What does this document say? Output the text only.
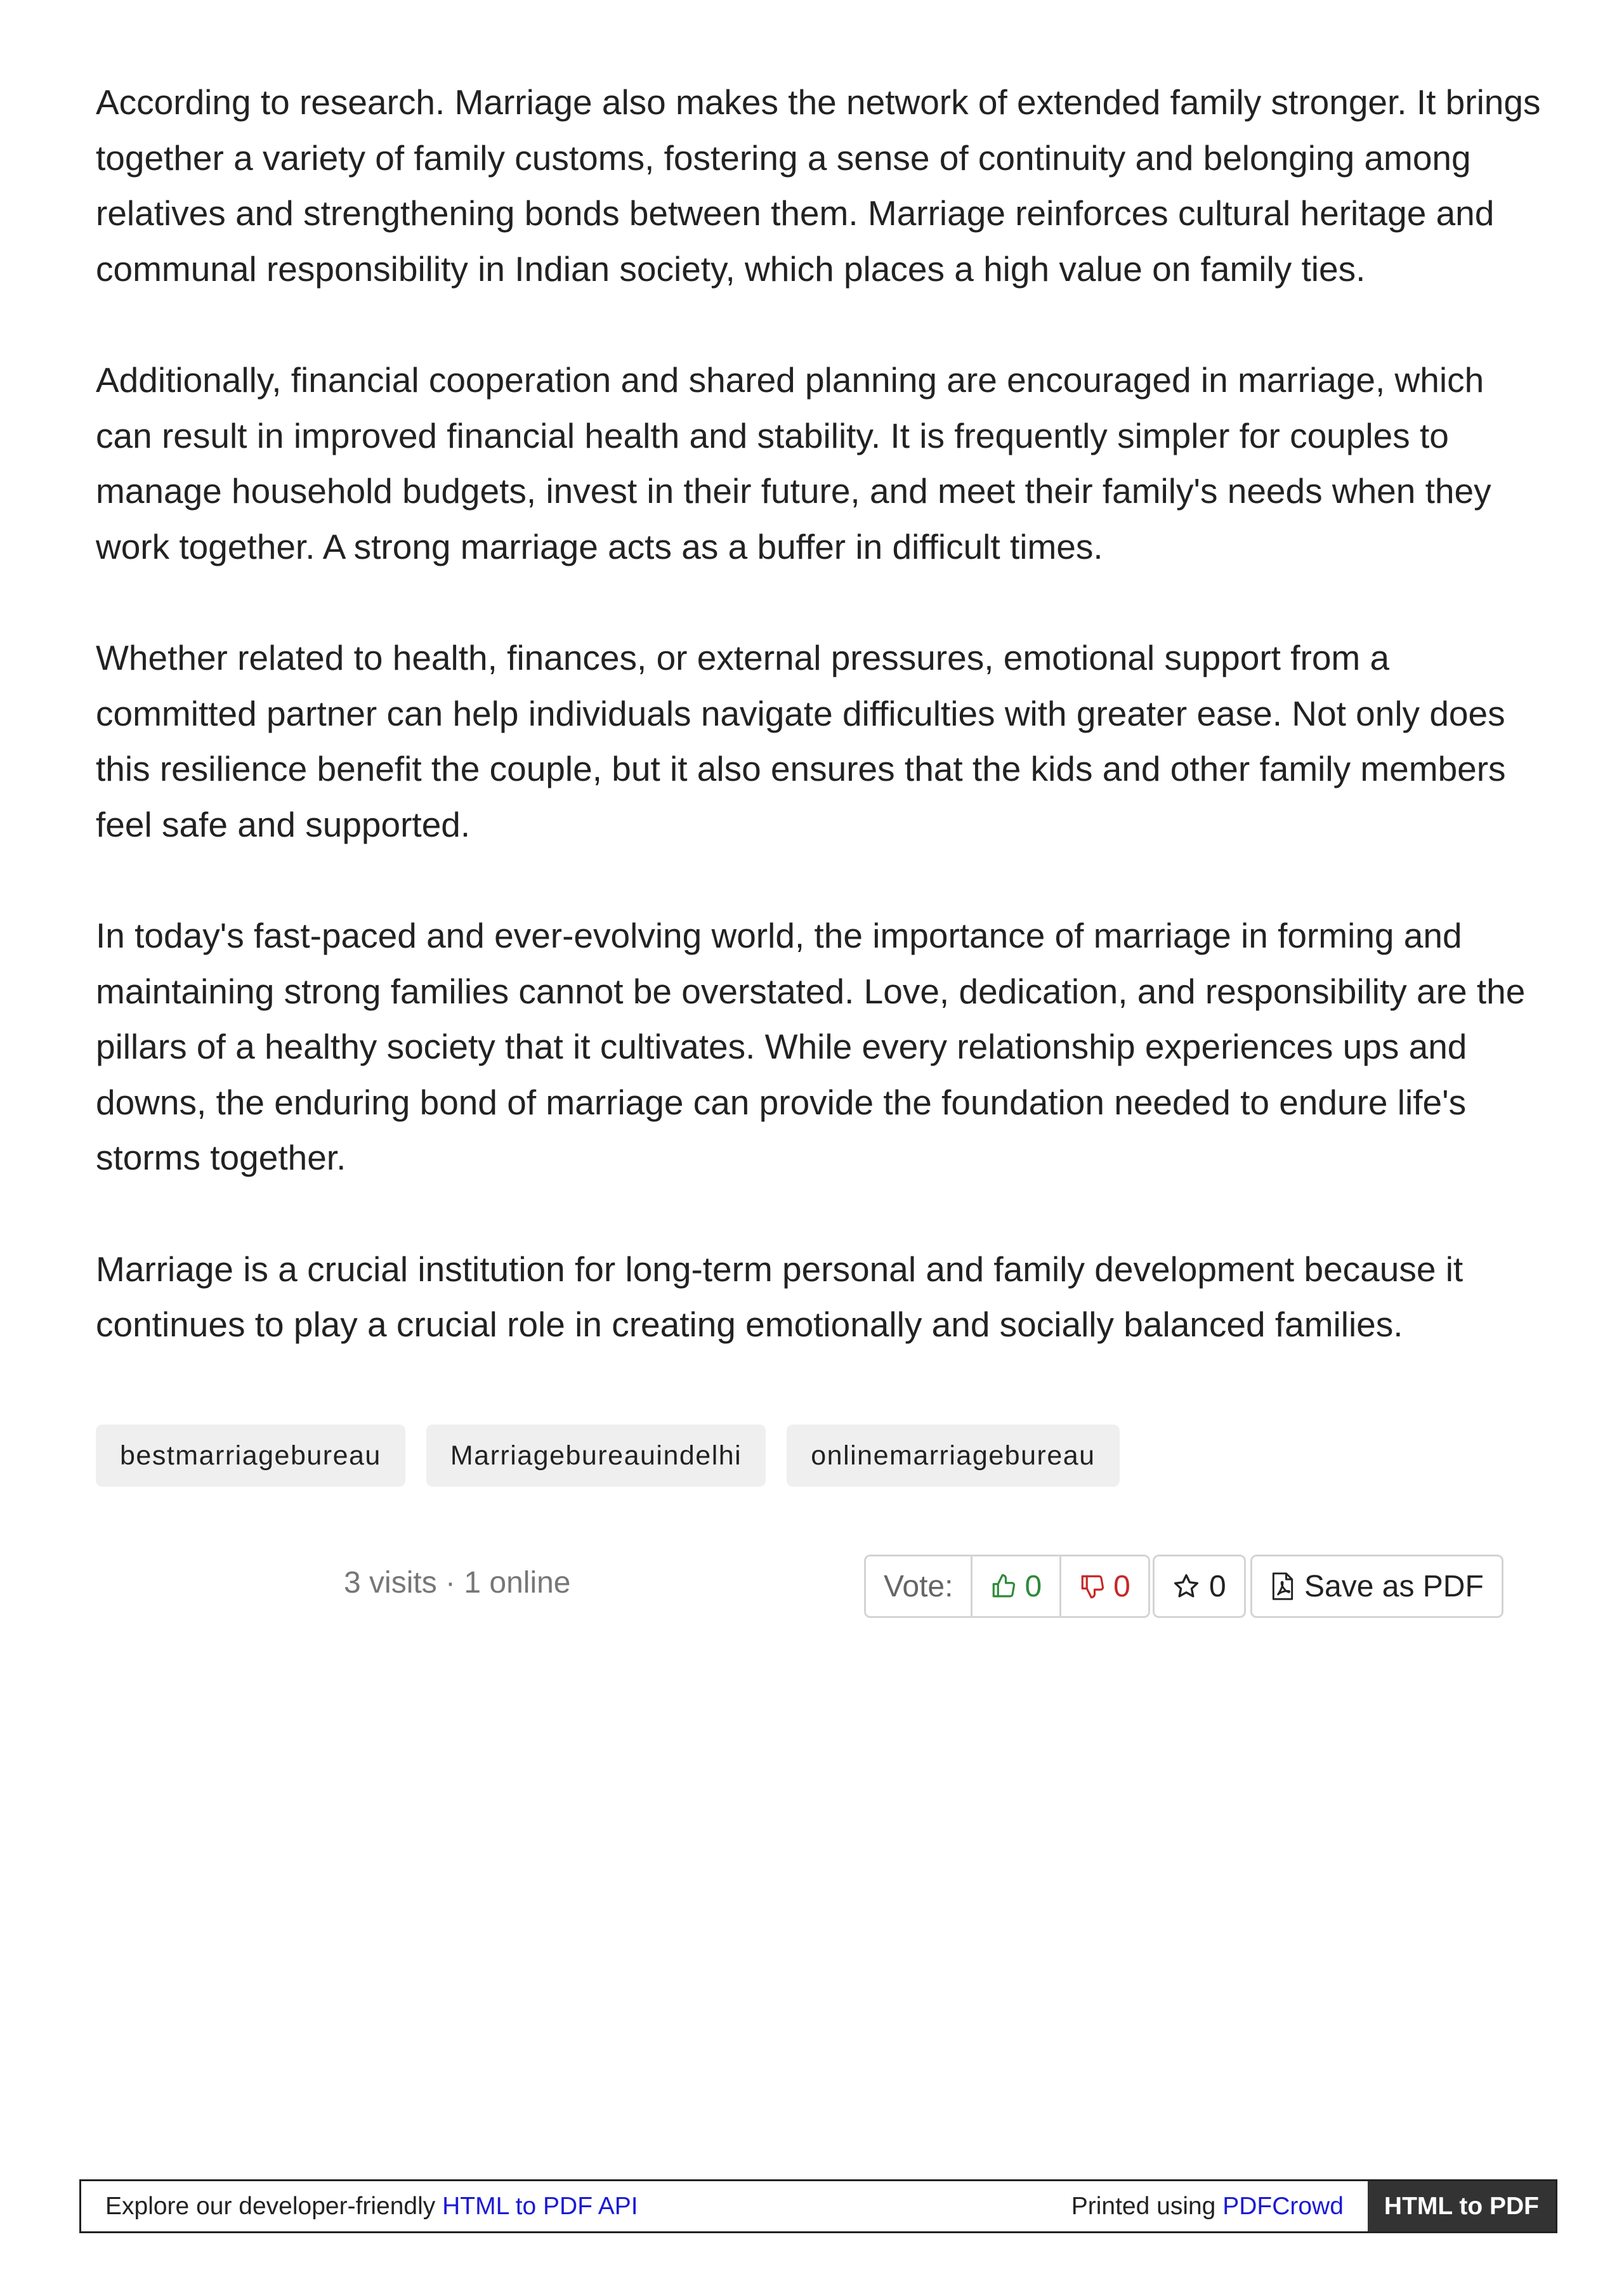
According to research. Marriage also makes the network of extended family stronger. It brings together a variety of family customs, fostering a sense of continuity and belonging among relatives and strengthening bonds between them. Marriage reinforces cultural heritage and communal responsibility in Indian society, which places a high value on family ties.

Additionally, financial cooperation and shared planning are encouraged in marriage, which can result in improved financial health and stability. It is frequently simpler for couples to manage household budgets, invest in their future, and meet their family's needs when they work together. A strong marriage acts as a buffer in difficult times.

Whether related to health, finances, or external pressures, emotional support from a committed partner can help individuals navigate difficulties with greater ease. Not only does this resilience benefit the couple, but it also ensures that the kids and other family members feel safe and supported.

In today's fast-paced and ever-evolving world, the importance of marriage in forming and maintaining strong families cannot be overstated. Love, dedication, and responsibility are the pillars of a healthy society that it cultivates. While every relationship experiences ups and downs, the enduring bond of marriage can provide the foundation needed to endure life's storms together.

Marriage is a crucial institution for long-term personal and family development because it continues to play a crucial role in creating emotionally and socially balanced families.

bestmarriagebureau	Marriagebureauindelhi	onlinemarriagebureau
3 visits · 1 online	Vote:	0 0	0	Save as PDF
Explore our developer-friendly HTML to PDF API	Printed using PDFCrowd	HTML to PDF
